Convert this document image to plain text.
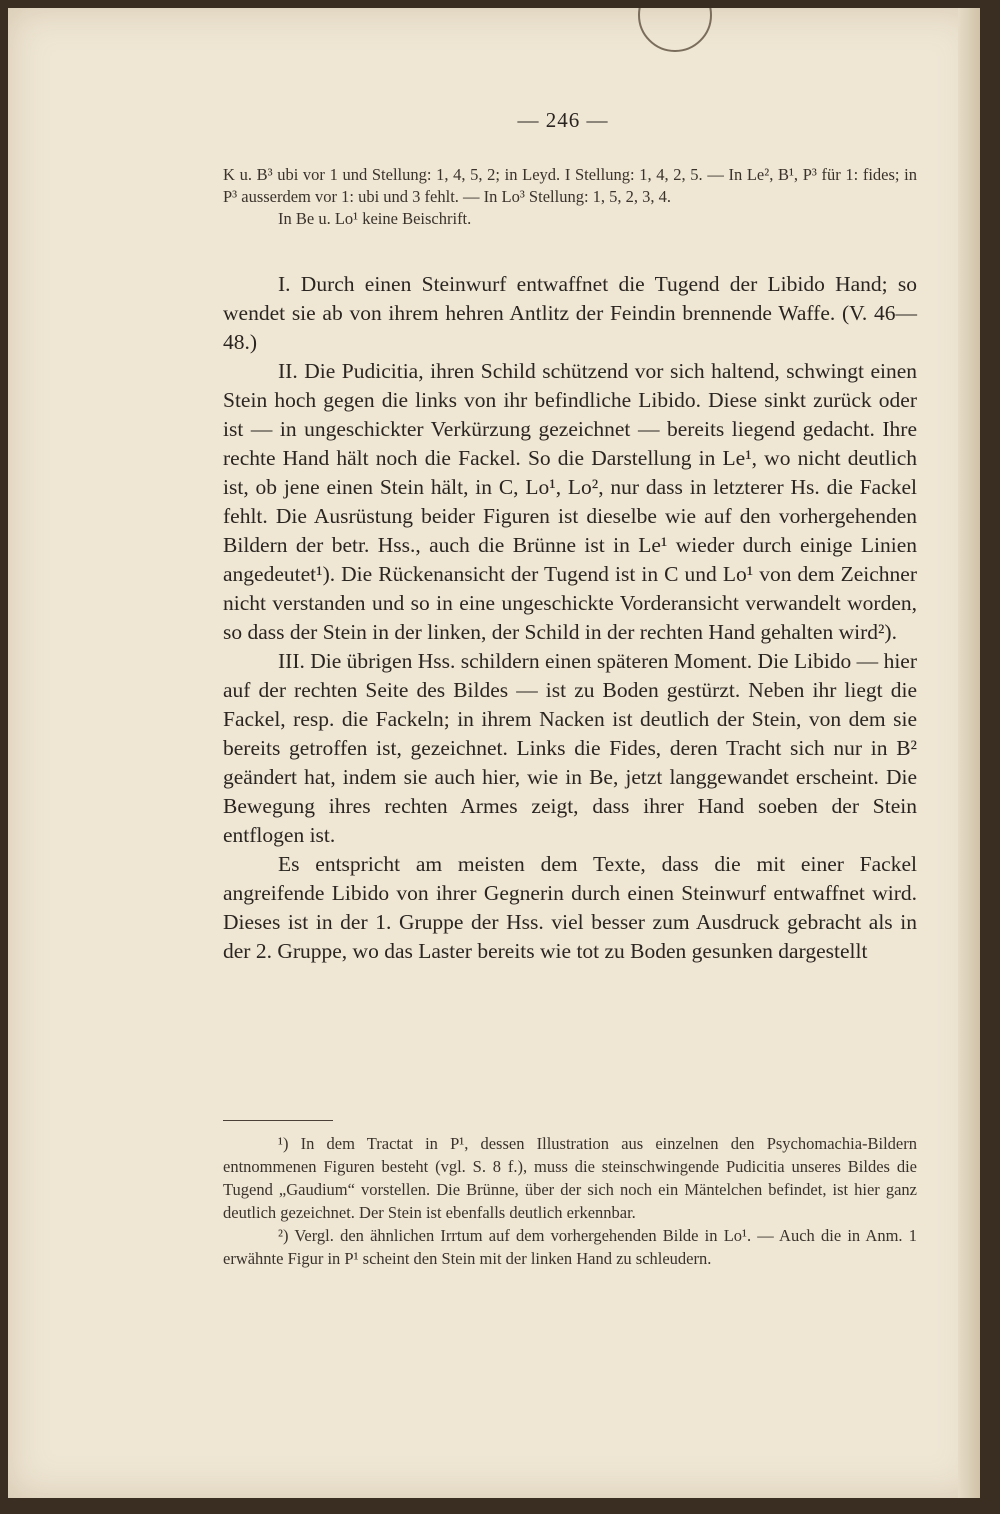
— 246 —

K u. B³ ubi vor 1 und Stellung: 1, 4, 5, 2; in Leyd. I Stellung: 1, 4, 2, 5. — In Le², B¹, P³ für 1: fides; in P³ ausserdem vor 1: ubi und 3 fehlt. — In Lo³ Stellung: 1, 5, 2, 3, 4.

In Be u. Lo¹ keine Beischrift.

I. Durch einen Steinwurf entwaffnet die Tugend der Libido Hand; so wendet sie ab von ihrem hehren Antlitz der Feindin brennende Waffe. (V. 46—48.)

II. Die Pudicitia, ihren Schild schützend vor sich haltend, schwingt einen Stein hoch gegen die links von ihr befindliche Libido. Diese sinkt zurück oder ist — in ungeschickter Verkürzung gezeichnet — bereits liegend gedacht. Ihre rechte Hand hält noch die Fackel. So die Darstellung in Le¹, wo nicht deutlich ist, ob jene einen Stein hält, in C, Lo¹, Lo², nur dass in letzterer Hs. die Fackel fehlt. Die Ausrüstung beider Figuren ist dieselbe wie auf den vorhergehenden Bildern der betr. Hss., auch die Brünne ist in Le¹ wieder durch einige Linien angedeutet¹). Die Rückenansicht der Tugend ist in C und Lo¹ von dem Zeichner nicht verstanden und so in eine ungeschickte Vorderansicht verwandelt worden, so dass der Stein in der linken, der Schild in der rechten Hand gehalten wird²).

III. Die übrigen Hss. schildern einen späteren Moment. Die Libido — hier auf der rechten Seite des Bildes — ist zu Boden gestürzt. Neben ihr liegt die Fackel, resp. die Fackeln; in ihrem Nacken ist deutlich der Stein, von dem sie bereits getroffen ist, gezeichnet. Links die Fides, deren Tracht sich nur in B² geändert hat, indem sie auch hier, wie in Be, jetzt langgewandet erscheint. Die Bewegung ihres rechten Armes zeigt, dass ihrer Hand soeben der Stein entflogen ist.

Es entspricht am meisten dem Texte, dass die mit einer Fackel angreifende Libido von ihrer Gegnerin durch einen Steinwurf entwaffnet wird. Dieses ist in der 1. Gruppe der Hss. viel besser zum Ausdruck gebracht als in der 2. Gruppe, wo das Laster bereits wie tot zu Boden gesunken dargestellt

¹) In dem Tractat in P¹, dessen Illustration aus einzelnen den Psychomachia-Bildern entnommenen Figuren besteht (vgl. S. 8 f.), muss die steinschwingende Pudicitia unseres Bildes die Tugend „Gaudium“ vorstellen. Die Brünne, über der sich noch ein Mäntelchen befindet, ist hier ganz deutlich gezeichnet. Der Stein ist ebenfalls deutlich erkennbar.

²) Vergl. den ähnlichen Irrtum auf dem vorhergehenden Bilde in Lo¹. — Auch die in Anm. 1 erwähnte Figur in P¹ scheint den Stein mit der linken Hand zu schleudern.
